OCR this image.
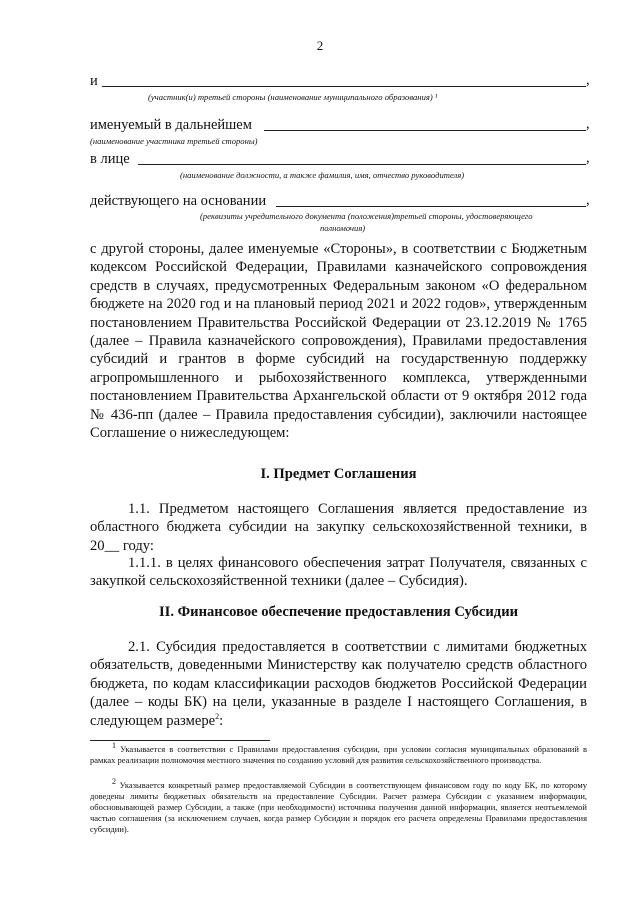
2
и	,
(участник(и) третьей стороны (наименование муниципального образования) ¹
именуемый в дальнейшем	,
(наименование участника третьей стороны)
в лице	,
(наименование должности, а также фамилия, имя, отчество руководителя)
действующего на основании	,
(реквизиты учредительного документа (положения)третьей стороны, удостоверяющего
полномочия)

с другой стороны, далее именуемые «Стороны», в соответствии с Бюджетным кодексом Российской Федерации, Правилами казначейского сопровождения средств в случаях, предусмотренных Федеральным законом «О федеральном бюджете на 2020 год и на плановый период 2021 и 2022 годов», утвержденным постановлением Правительства Российской Федерации от 23.12.2019 № 1765 (далее – Правила казначейского сопровождения), Правилами предоставления субсидий и грантов в форме субсидий на государственную поддержку агропромышленного и рыбохозяйственного комплекса, утвержденными постановлением Правительства Архангельской области от 9 октября 2012 года № 436-пп (далее – Правила предоставления субсидии), заключили настоящее Соглашение о нижеследующем:

I. Предмет Соглашения

1.1. Предметом настоящего Соглашения является предоставление из областного бюджета субсидии на закупку сельскохозяйственной техники, в 20__ году:

1.1.1. в целях финансового обеспечения затрат Получателя, связанных с закупкой сельскохозяйственной техники (далее – Субсидия).

II. Финансовое обеспечение предоставления Субсидии

2.1. Субсидия предоставляется в соответствии с лимитами бюджетных обязательств, доведенными Министерству как получателю средств областного бюджета, по кодам классификации расходов бюджетов Российской Федерации (далее – коды БК) на цели, указанные в разделе I настоящего Соглашения, в следующем размере$^2$:

$^1$ Указывается в соответствии с Правилами предоставления субсидии, при условии согласия муниципальных образований в рамках реализации полномочия местного значения по созданию условий для развития сельскохозяйственного производства.

$^2$ Указывается конкретный размер предоставляемой Субсидии в соответствующем финансовом году по коду БК, по которому доведены лимиты бюджетных обязательств на предоставление Субсидии. Расчет размера Субсидии с указанием информации, обосновывающей размер Субсидии, а также (при необходимости) источника получения данной информации, является неотъемлемой частью соглашения (за исключением случаев, когда размер Субсидии и порядок его расчета определены Правилами предоставления субсидии).
